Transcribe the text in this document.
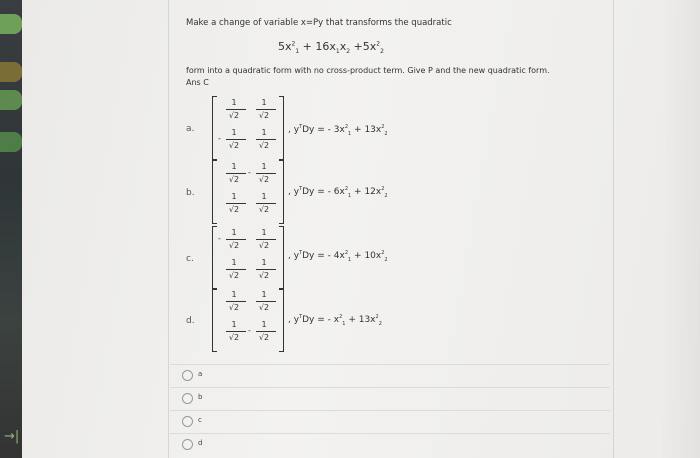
→|
Make a change of variable x=Py that transforms the quadratic
$5x^2_1 + 16x_1x_2 +5x^2_2$
form into a quadratic form with no cross-product term. Give P and the new quadratic form.
Ans C
a.
1
√2
1
√2
-
1
√2
1
√2
, $y^TDy$ = - $3x^2_1 + 13x^2_2$
b.
1
√2
-
1
√2
1
√2
1
√2
, $y^TDy$ = - $6x^2_1 + 12x^2_2$
c.
-
1
√2
1
√2
1
√2
1
√2
, $y^TDy$ = - $4x^2_1 + 10x^2_2$
d.
1
√2
1
√2
1
√2
-
1
√2
, $y^TDy$ = - $x^2_1 + 13x^2_2$
a
b
c
d
